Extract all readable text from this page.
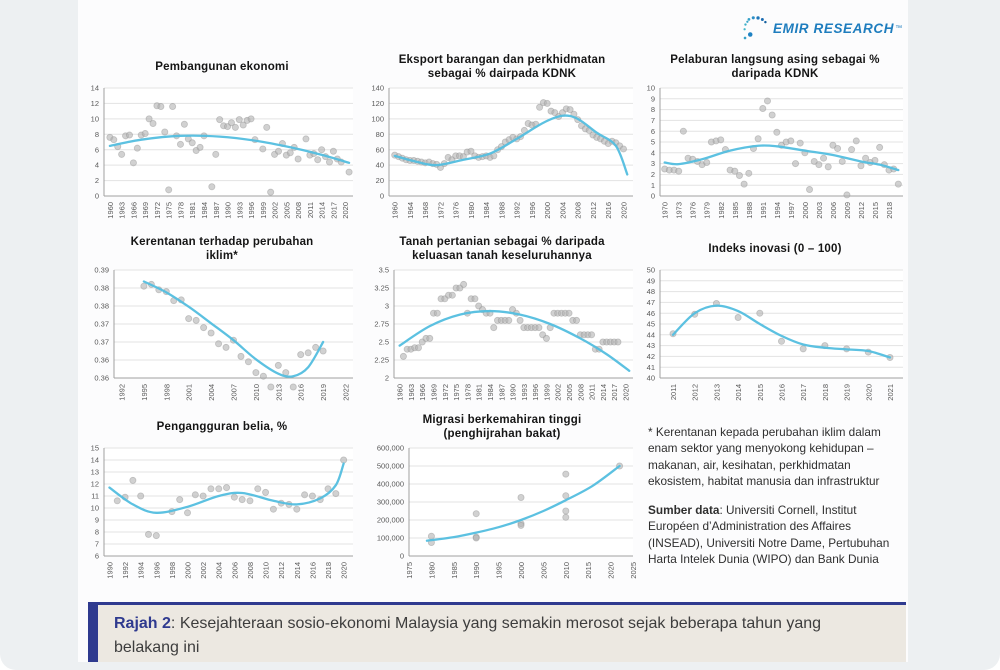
EMIR RESEARCH ™
Pembangunan ekonomi
0
2
4
6
8
10
12
14
1960 1963 1966 1969 1972 1975 1978 1981 1984 1987 1990 1993 1996 1999 2002 2005 2008 2011 2014 2017 2020
Eksport barangan dan perkhidmatan sebagai % dairpada KDNK
0
20
40
60
80
100
120
140
1960 1964 1968 1972 1976 1980 1984 1988 1992 1996 2000 2004 2008 2012 2016 2020
Pelaburan langsung asing sebagai % daripada KDNK
0
1
2
3
4
5
6
7
8
9
10
1970 1973 1976 1979 1982 1985 1988 1991 1994 1997 2000 2003 2006 2009 2012 2015 2018
Kerentanan terhadap perubahan iklim*
0.36
0.36
0.37
0.37
0.38
0.38
0.39
1992 1995 1998 2001 2004 2007 2010 2013 2016 2019 2022
Tanah pertanian sebagai % daripada keluasan tanah keseluruhannya
2
2.25
2.5
2.75
3
3.25
3.5
1960 1963 1966 1969 1972 1975 1978 1981 1984 1987 1990 1993 1996 1999 2002 2005 2008 2011 2014 2017 2020
Indeks inovasi (0 – 100)
40
41
42
43
44
45
46
47
48
49
50
2011 2012 2013 2014 2015 2016 2017 2018 2019 2020 2021
Pengangguran belia, %
6
7
8
9
10
11
12
13
14
15
1990 1992 1994 1996 1998 2000 2002 2004 2006 2008 2010 2012 2014 2016 2018 2020
Migrasi berkemahiran tinggi (penghijrahan bakat)
0
100,000
200,000
300,000
400,000
500,000
600,000
1975 1980 1985 1990 1995 2000 2005 2010 2015 2020 2025

* Kerentanan kepada perubahan iklim dalam enam sektor yang menyokong kehidupan – makanan, air, kesihatan, perkhidmatan ekosistem, habitat manusia dan infrastruktur

Sumber data: Universiti Cornell, Institut Européen d’Administration des Affaires (INSEAD), Universiti Notre Dame, Pertubuhan Harta Intelek Dunia (WIPO) dan Bank Dunia

Rajah 2: Kesejahteraan sosio-ekonomi Malaysia yang semakin merosot sejak beberapa tahun yang belakang ini
